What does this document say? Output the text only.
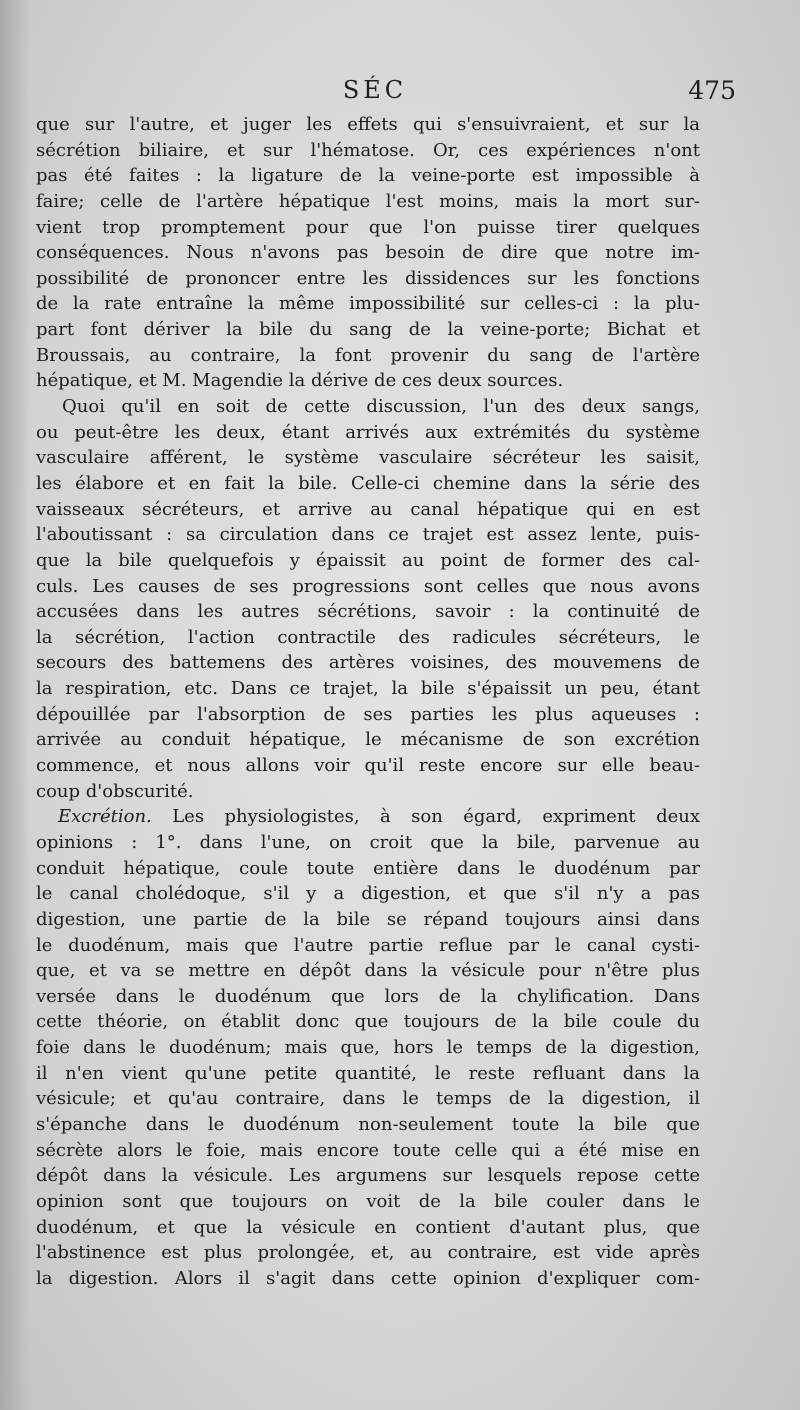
SÉC	475
que sur l'autre, et juger les effets qui s'ensuivraient, et sur la
sécrétion biliaire, et sur l'hématose. Or, ces expériences n'ont
pas été faites : la ligature de la veine-porte est impossible à
faire; celle de l'artère hépatique l'est moins, mais la mort sur-
vient trop promptement pour que l'on puisse tirer quelques
conséquences. Nous n'avons pas besoin de dire que notre im-
possibilité de prononcer entre les dissidences sur les fonctions
de la rate entraîne la même impossibilité sur celles-ci : la plu-
part font dériver la bile du sang de la veine-porte; Bichat et
Broussais, au contraire, la font provenir du sang de l'artère
hépatique, et M. Magendie la dérive de ces deux sources.
Quoi qu'il en soit de cette discussion, l'un des deux sangs,
ou peut-être les deux, étant arrivés aux extrémités du système
vasculaire afférent, le système vasculaire sécréteur les saisit,
les élabore et en fait la bile. Celle-ci chemine dans la série des
vaisseaux sécréteurs, et arrive au canal hépatique qui en est
l'aboutissant : sa circulation dans ce trajet est assez lente, puis-
que la bile quelquefois y épaissit au point de former des cal-
culs. Les causes de ses progressions sont celles que nous avons
accusées dans les autres sécrétions, savoir : la continuité de
la sécrétion, l'action contractile des radicules sécréteurs, le
secours des battemens des artères voisines, des mouvemens de
la respiration, etc. Dans ce trajet, la bile s'épaissit un peu, étant
dépouillée par l'absorption de ses parties les plus aqueuses :
arrivée au conduit hépatique, le mécanisme de son excrétion
commence, et nous allons voir qu'il reste encore sur elle beau-
coup d'obscurité.
Excrétion. Les physiologistes, à son égard, expriment deux
opinions : 1°. dans l'une, on croit que la bile, parvenue au
conduit hépatique, coule toute entière dans le duodénum par
le canal cholédoque, s'il y a digestion, et que s'il n'y a pas
digestion, une partie de la bile se répand toujours ainsi dans
le duodénum, mais que l'autre partie reflue par le canal cysti-
que, et va se mettre en dépôt dans la vésicule pour n'être plus
versée dans le duodénum que lors de la chylification. Dans
cette théorie, on établit donc que toujours de la bile coule du
foie dans le duodénum; mais que, hors le temps de la digestion,
il n'en vient qu'une petite quantité, le reste refluant dans la
vésicule; et qu'au contraire, dans le temps de la digestion, il
s'épanche dans le duodénum non-seulement toute la bile que
sécrète alors le foie, mais encore toute celle qui a été mise en
dépôt dans la vésicule. Les argumens sur lesquels repose cette
opinion sont que toujours on voit de la bile couler dans le
duodénum, et que la vésicule en contient d'autant plus, que
l'abstinence est plus prolongée, et, au contraire, est vide après
la digestion. Alors il s'agit dans cette opinion d'expliquer com-
